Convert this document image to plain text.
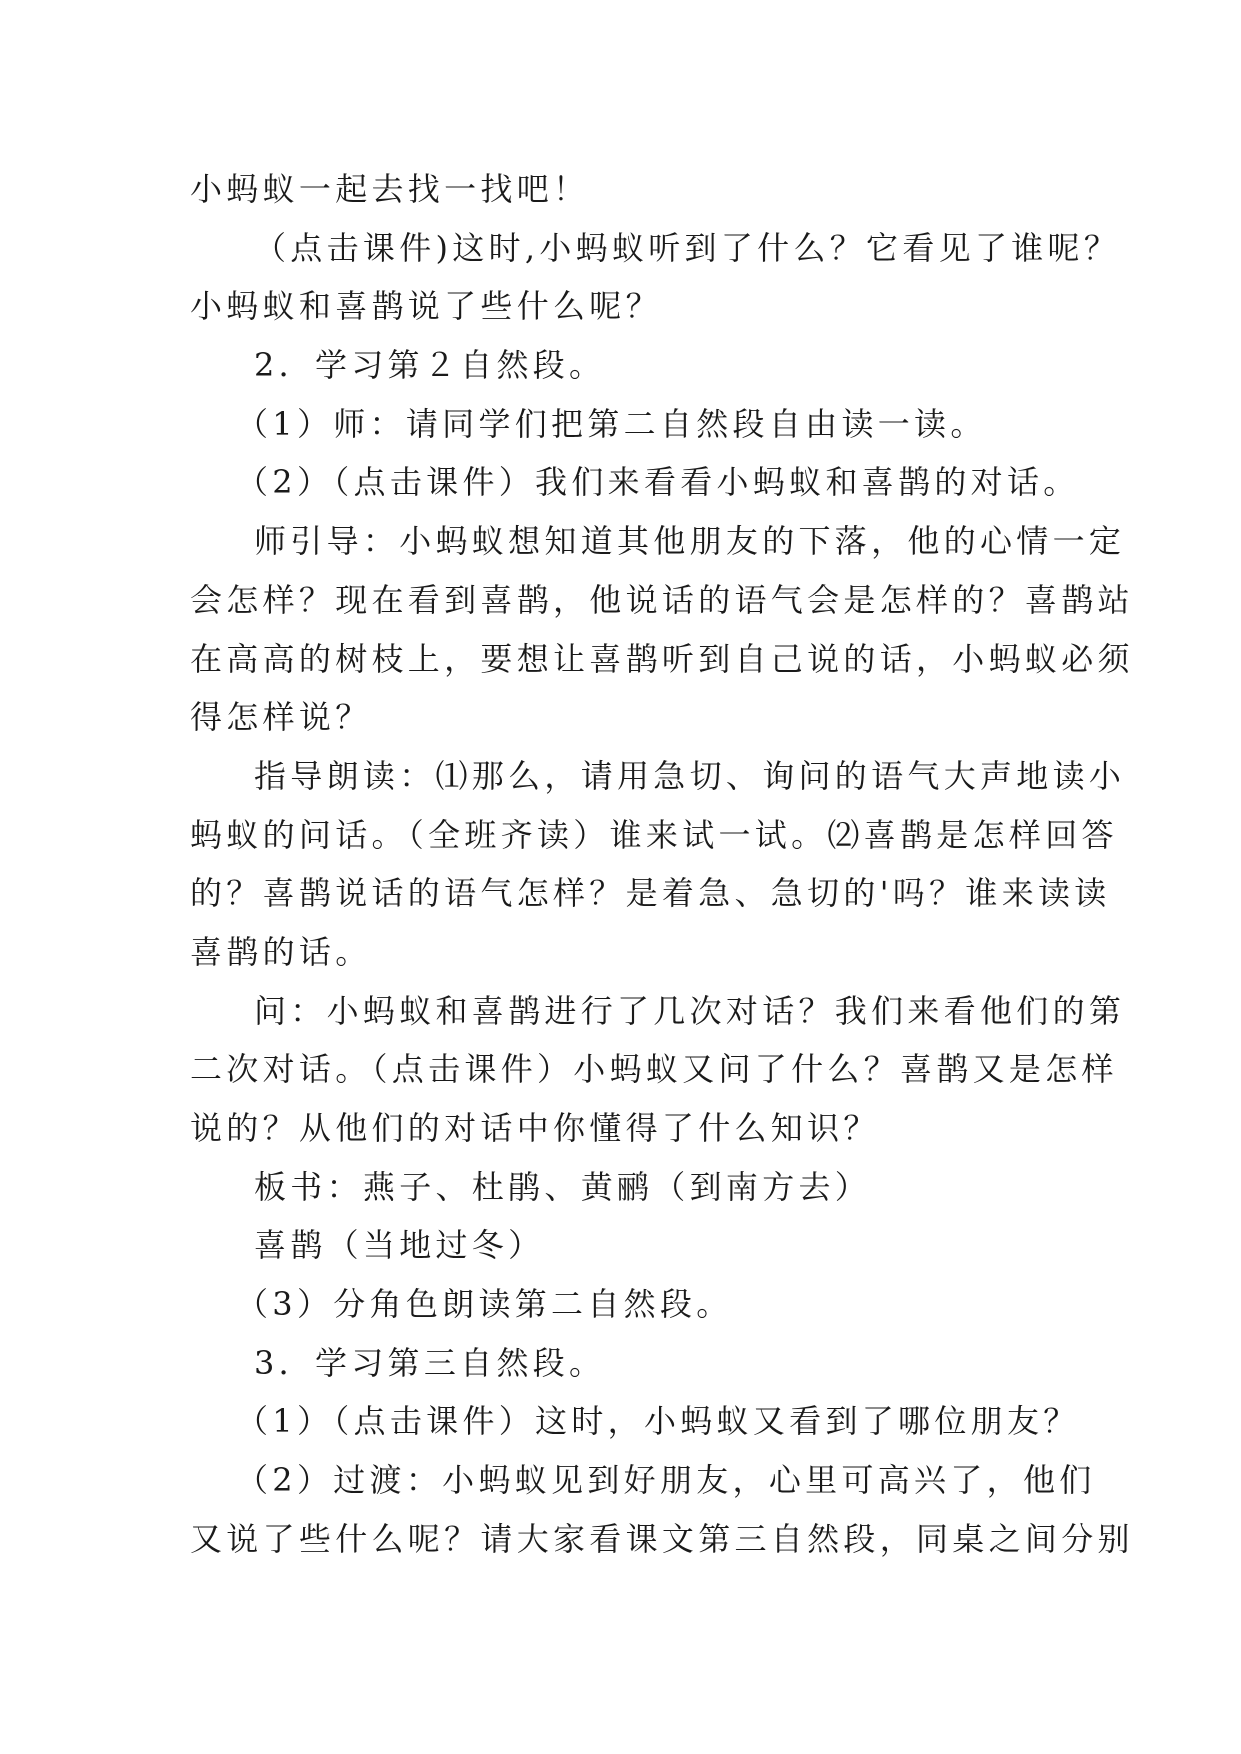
小蚂蚁一起去找一找吧！
（点击课件)这时,小蚂蚁听到了什么？它看见了谁呢？
小蚂蚁和喜鹊说了些什么呢？
2．学习第２自然段。
（1）师：请同学们把第二自然段自由读一读。
（2）（点击课件）我们来看看小蚂蚁和喜鹊的对话。
师引导：小蚂蚁想知道其他朋友的下落，他的心情一定
会怎样？现在看到喜鹊，他说话的语气会是怎样的？喜鹊站
在高高的树枝上，要想让喜鹊听到自己说的话，小蚂蚁必须
得怎样说？
指导朗读：⑴那么，请用急切、询问的语气大声地读小
蚂蚁的问话。（全班齐读）谁来试一试。⑵喜鹊是怎样回答
的？喜鹊说话的语气怎样？是着急、急切的'吗？谁来读读
喜鹊的话。
问：小蚂蚁和喜鹊进行了几次对话？我们来看他们的第
二次对话。（点击课件）小蚂蚁又问了什么？喜鹊又是怎样
说的？从他们的对话中你懂得了什么知识？
板书：燕子、杜鹃、黄鹂（到南方去）
喜鹊（当地过冬）
（3）分角色朗读第二自然段。
3．学习第三自然段。
（1）（点击课件）这时，小蚂蚁又看到了哪位朋友？
（2）过渡：小蚂蚁见到好朋友，心里可高兴了，他们
又说了些什么呢？请大家看课文第三自然段，同桌之间分别
